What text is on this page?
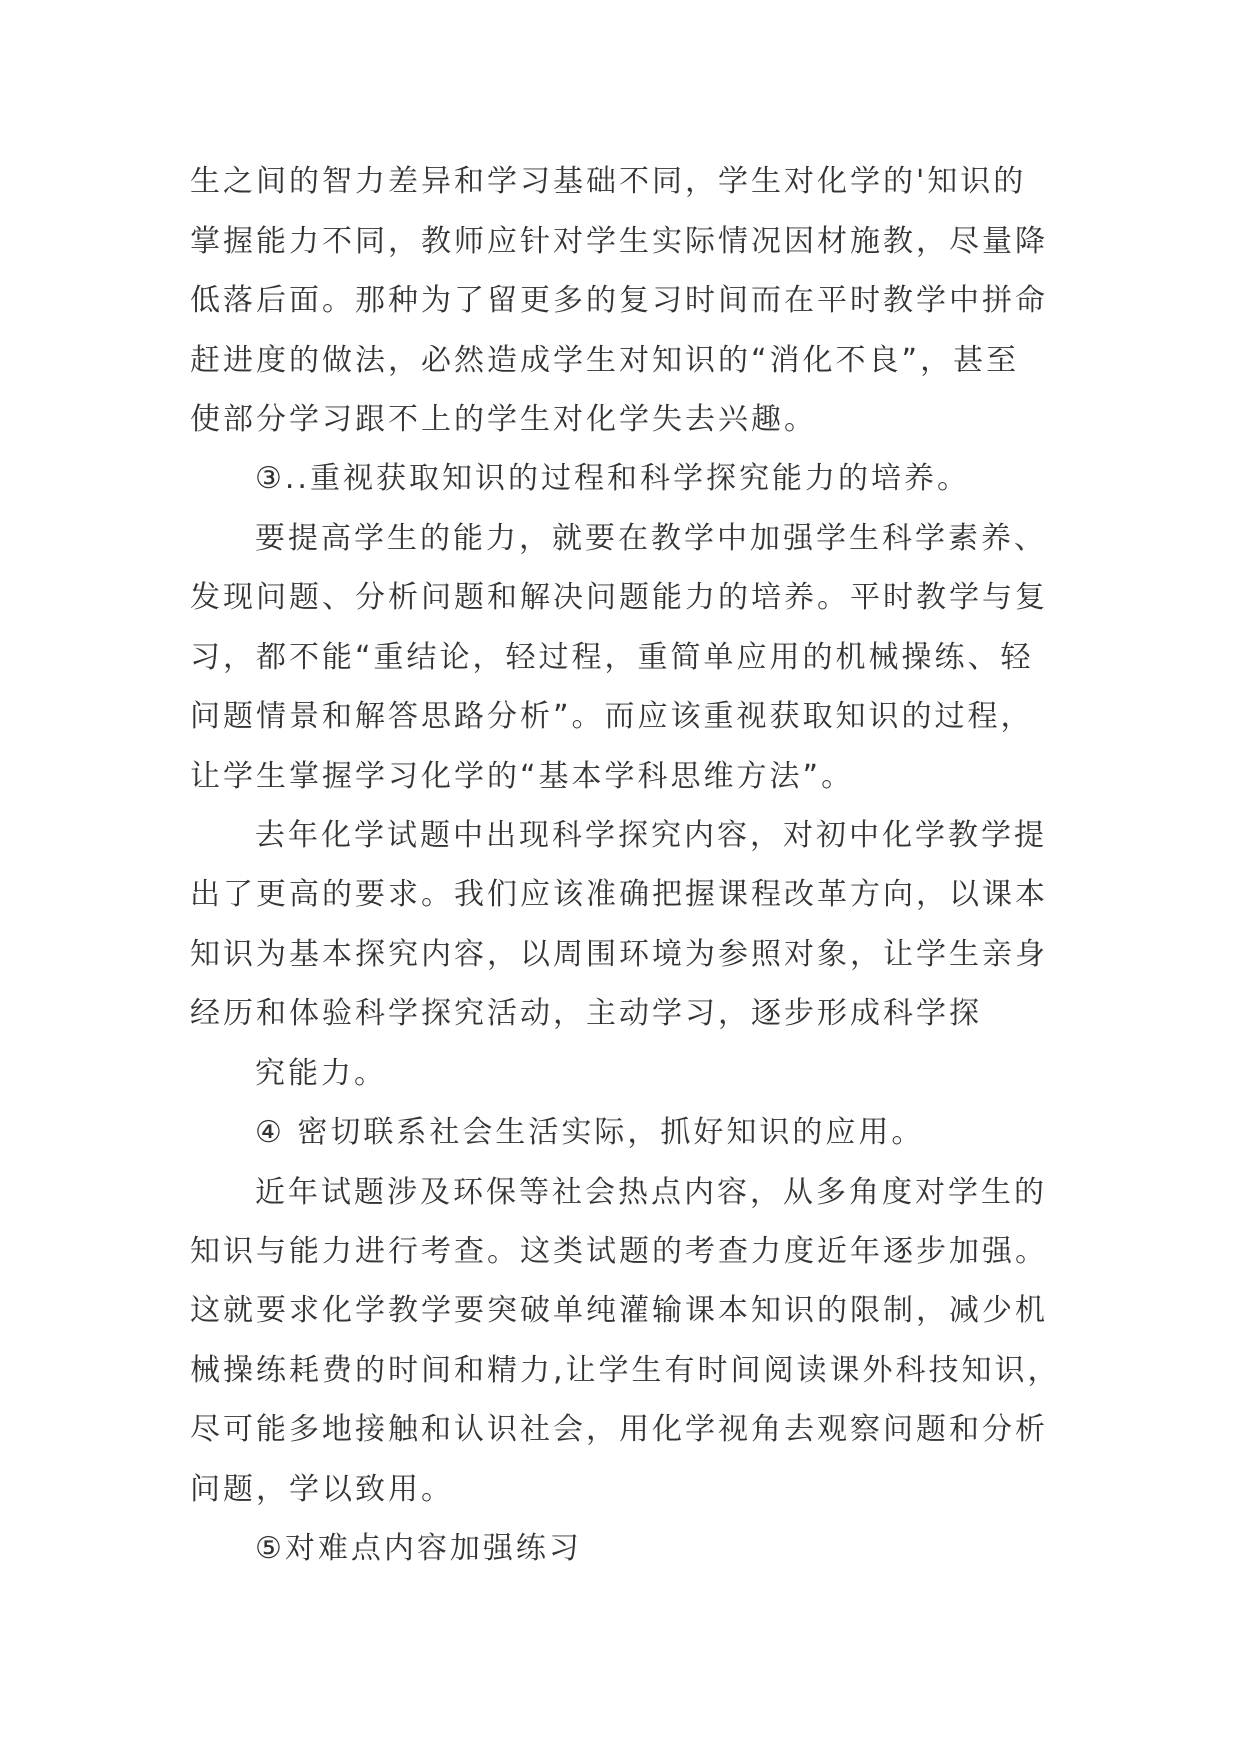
生之间的智力差异和学习基础不同，学生对化学的'知识的

掌握能力不同，教师应针对学生实际情况因材施教，尽量降

低落后面。那种为了留更多的复习时间而在平时教学中拼命

赶进度的做法，必然造成学生对知识的“消化不良”，甚至

使部分学习跟不上的学生对化学失去兴趣。

③..重视获取知识的过程和科学探究能力的培养。

要提高学生的能力，就要在教学中加强学生科学素养、

发现问题、分析问题和解决问题能力的培养。平时教学与复

习，都不能“重结论，轻过程，重简单应用的机械操练、轻

问题情景和解答思路分析”。而应该重视获取知识的过程，

让学生掌握学习化学的“基本学科思维方法”。

去年化学试题中出现科学探究内容，对初中化学教学提

出了更高的要求。我们应该准确把握课程改革方向，以课本

知识为基本探究内容，以周围环境为参照对象，让学生亲身

经历和体验科学探究活动，主动学习，逐步形成科学探

究能力。

④ 密切联系社会生活实际，抓好知识的应用。

近年试题涉及环保等社会热点内容，从多角度对学生的

知识与能力进行考查。这类试题的考查力度近年逐步加强。

这就要求化学教学要突破单纯灌输课本知识的限制，减少机

械操练耗费的时间和精力,让学生有时间阅读课外科技知识，

尽可能多地接触和认识社会，用化学视角去观察问题和分析

问题，学以致用。

⑤对难点内容加强练习
